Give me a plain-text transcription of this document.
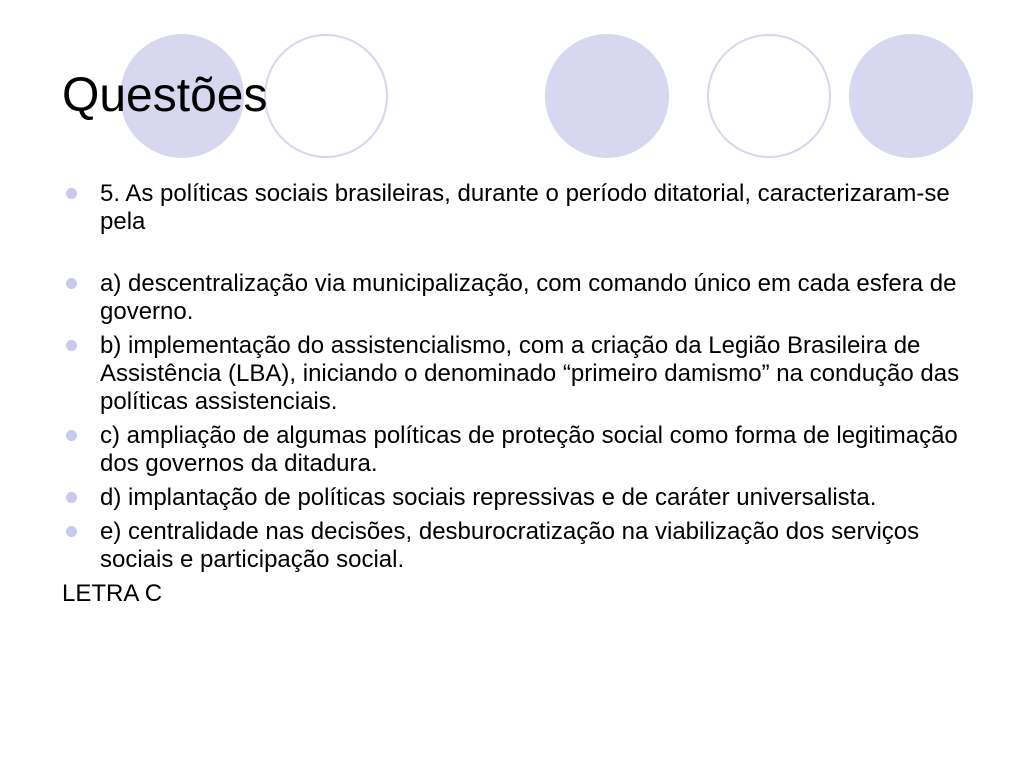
Questões
5. As políticas sociais brasileiras, durante o período ditatorial, caracterizaram-se pela
a) descentralização via municipalização, com comando único em cada esfera de governo.
b) implementação do assistencialismo, com a criação da Legião Brasileira de Assistência (LBA), iniciando o denominado “primeiro damismo” na condução das políticas assistenciais.
c) ampliação de algumas políticas de proteção social como forma de legitimação dos governos da ditadura.
d) implantação de políticas sociais repressivas e de caráter universalista.
e) centralidade nas decisões, desburocratização na viabilização dos serviços sociais e participação social.
LETRA C
